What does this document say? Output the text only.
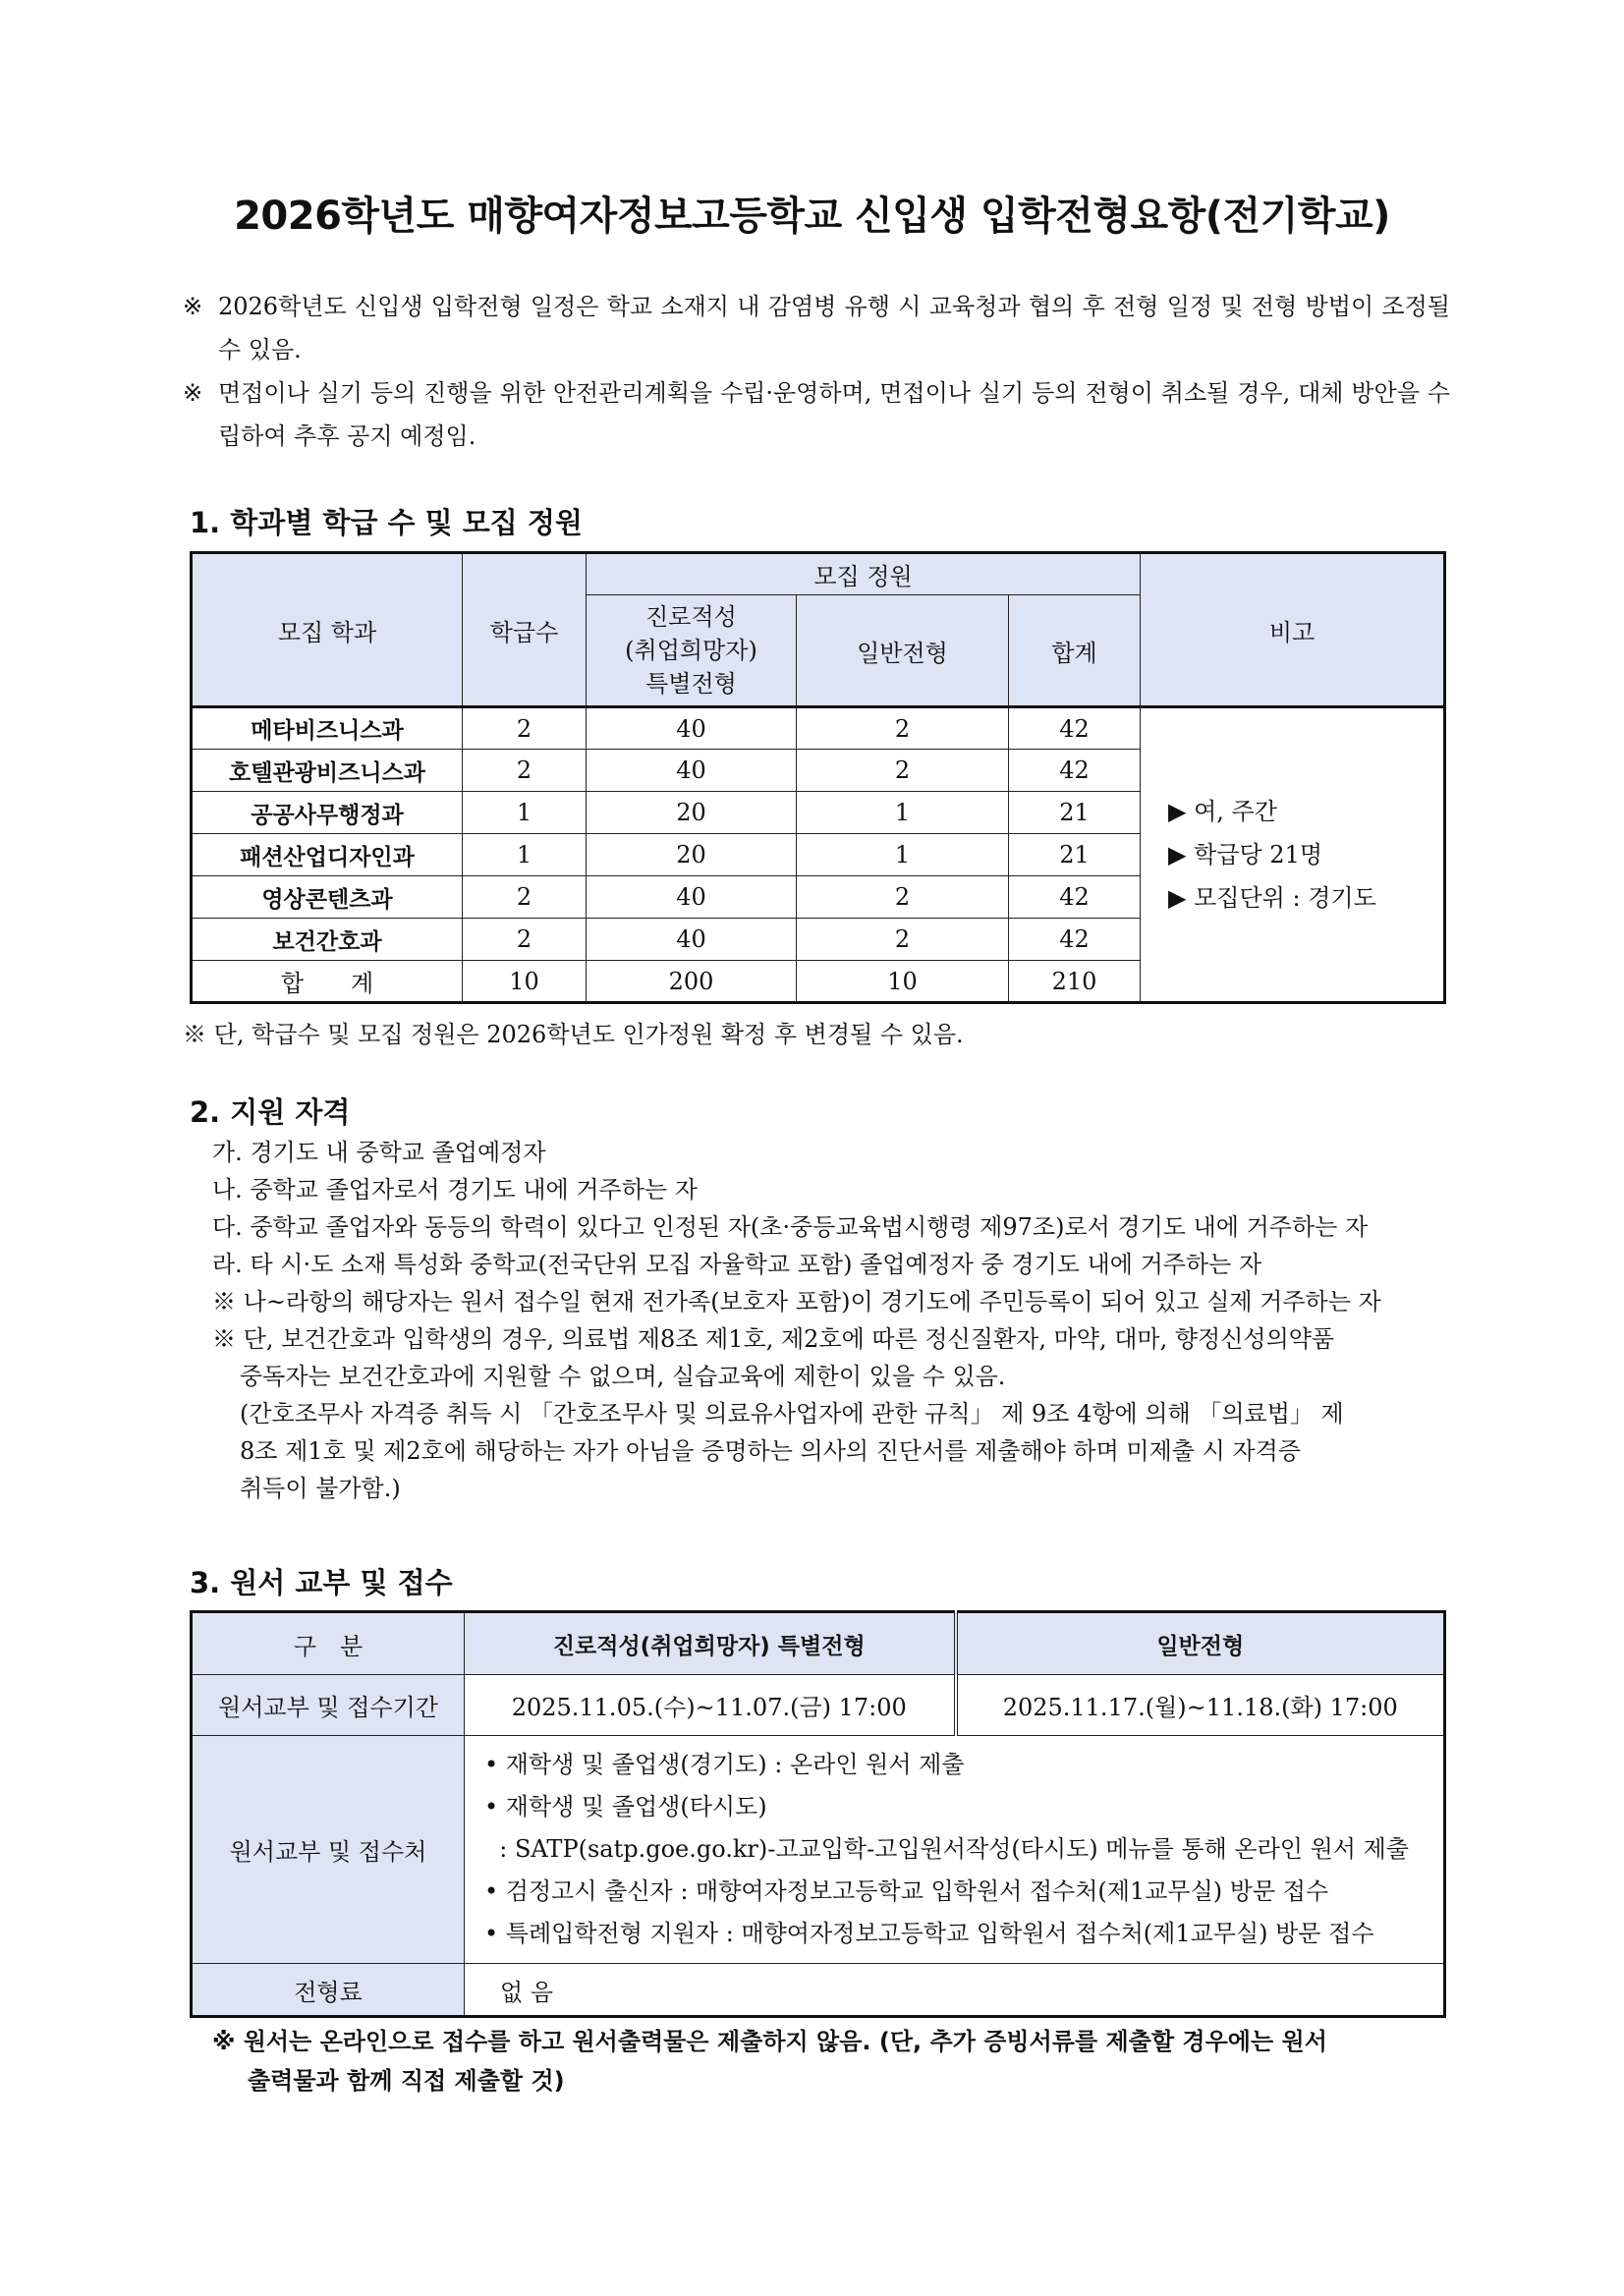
2026학년도 매향여자정보고등학교 신입생 입학전형요항(전기학교)
※ 2026학년도 신입생 입학전형 일정은 학교 소재지 내 감염병 유행 시 교육청과 협의 후 전형 일정 및 전형 방법이 조정될 수 있음.
※ 면접이나 실기 등의 진행을 위한 안전관리계획을 수립·운영하며, 면접이나 실기 등의 전형이 취소될 경우, 대체 방안을 수립하여 추후 공지 예정임.
1. 학과별 학급 수 및 모집 정원
모집 학과	학급수	모집 정원			비고

		진로적성
(취업희망자)
특별전형	일반전형	합계	
메타비즈니스과	2	40	2	42	▶ 여, 주간
▶ 학급당 21명
▶ 모집단위 : 경기도

호텔관광비즈니스과	2	40	2	42	
공공사무행정과	1	20	1	21	
패션산업디자인과	1	20	1	21	
영상콘텐츠과	2	40	2	42	
보건간호과	2	40	2	42	
합　　계	10	200	10	210	
※ 단, 학급수 및 모집 정원은 2026학년도 인가정원 확정 후 변경될 수 있음.
2. 지원 자격
가. 경기도 내 중학교 졸업예정자
나. 중학교 졸업자로서 경기도 내에 거주하는 자
다. 중학교 졸업자와 동등의 학력이 있다고 인정된 자(초·중등교육법시행령 제97조)로서 경기도 내에 거주하는 자
라. 타 시·도 소재 특성화 중학교(전국단위 모집 자율학교 포함) 졸업예정자 중 경기도 내에 거주하는 자
※ 나~라항의 해당자는 원서 접수일 현재 전가족(보호자 포함)이 경기도에 주민등록이 되어 있고 실제 거주하는 자
※ 단, 보건간호과 입학생의 경우, 의료법 제8조 제1호, 제2호에 따른 정신질환자, 마약, 대마, 향정신성의약품
중독자는 보건간호과에 지원할 수 없으며, 실습교육에 제한이 있을 수 있음.
(간호조무사 자격증 취득 시 「간호조무사 및 의료유사업자에 관한 규칙」 제 9조 4항에 의해 「의료법」 제
8조 제1호 및 제2호에 해당하는 자가 아님을 증명하는 의사의 진단서를 제출해야 하며 미제출 시 자격증
취득이 불가함.)
3. 원서 교부 및 접수
구　분	진로적성(취업희망자) 특별전형	일반전형
원서교부 및 접수기간	2025.11.05.(수)~11.07.(금) 17:00	2025.11.17.(월)~11.18.(화) 17:00
원서교부 및 접수처	• 재학생 및 졸업생(경기도) : 온라인 원서 제출
• 재학생 및 졸업생(타시도)
: SATP(satp.goe.go.kr)-고교입학-고입원서작성(타시도) 메뉴를 통해 온라인 원서 제출
• 검정고시 출신자 : 매향여자정보고등학교 입학원서 접수처(제1교무실) 방문 접수
• 특례입학전형 지원자 : 매향여자정보고등학교 입학원서 접수처(제1교무실) 방문 접수	

전형료	없 음	
※ 원서는 온라인으로 접수를 하고 원서출력물은 제출하지 않음. (단, 추가 증빙서류를 제출할 경우에는 원서
출력물과 함께 직접 제출할 것)
